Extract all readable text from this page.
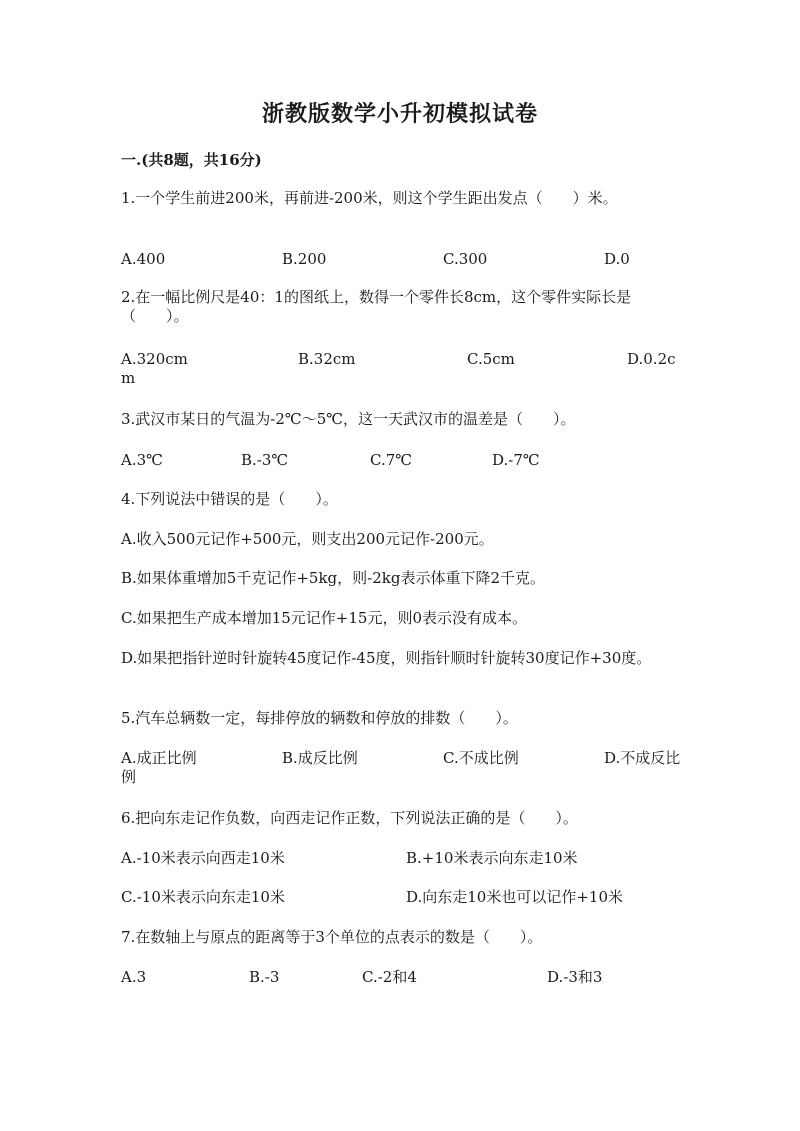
浙教版数学小升初模拟试卷
一.(共8题，共16分)
1.一个学生前进200米，再前进-200米，则这个学生距出发点（　　）米。
A.400	B.200	C.300	D.0
2.在一幅比例尺是40：1的图纸上，数得一个零件长8cm，这个零件实际长是（　　）。
A.320cm	B.32cm	C.5cm	D.0.2cm
3.武汉市某日的气温为-2℃～5℃，这一天武汉市的温差是（　　）。
A.3℃	B.-3℃	C.7℃	D.-7℃
4.下列说法中错误的是（　　）。
A.收入500元记作+500元，则支出200元记作-200元。
B.如果体重增加5千克记作+5kg，则-2kg表示体重下降2千克。
C.如果把生产成本增加15元记作+15元，则0表示没有成本。
D.如果把指针逆时针旋转45度记作-45度，则指针顺时针旋转30度记作+30度。
5.汽车总辆数一定，每排停放的辆数和停放的排数（　　）。
A.成正比例	B.成反比例	C.不成比例	D.不成反比例
6.把向东走记作负数，向西走记作正数，下列说法正确的是（　　）。
A.-10米表示向西走10米	B.+10米表示向东走10米
C.-10米表示向东走10米	D.向东走10米也可以记作+10米
7.在数轴上与原点的距离等于3个单位的点表示的数是（　　）。
A.3	B.-3	C.-2和4	D.-3和3
